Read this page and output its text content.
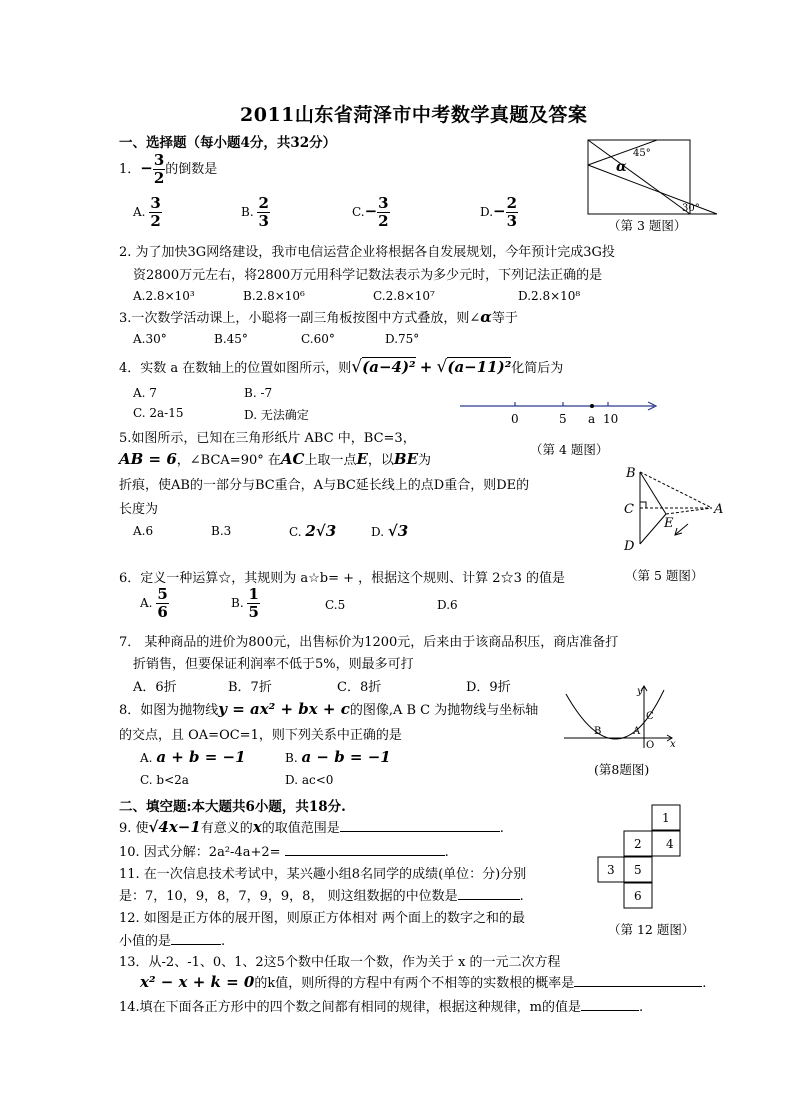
2011山东省菏泽市中考数学真题及答案
一、选择题（每小题4分，共32分）
1．− $\frac{3}{2}$ 的倒数是
A. $\frac{3}{2}$	B. $\frac{2}{3}$	$C.- \frac{3}{2}$	$D.- \frac{2}{3}$
2. 为了加快3G网络建设，我市电信运营企业将根据各自发展规划，今年预计完成3G投
资2800万元左右，将2800万元用科学记数法表示为多少元时，下列记法正确的是
A.2.8×10³	B.2.8×10⁶	C.2.8×10⁷	D.2.8×10⁸
3.一次数学活动课上，小聪将一副三角板按图中方式叠放，则∠α等于
A.30°	B.45°	C.60°	D.75°
4．实数 a 在数轴上的位置如图所示，则√(a−4)² + √(a−11)²化简后为
A. 7	B. -7
C. 2a-15	D. 无法确定
5.如图所示，已知在三角形纸片 ABC 中，BC=3，
AB = 6，∠BCA=90° 在AC上取一点E，以BE为
折痕，使AB的一部分与BC重合，A与BC延长线上的点D重合，则DE的
长度为
A.6	B.3	C. 2√3	D. √3
6．定义一种运算☆，其规则为 a☆b= + ，根据这个规则、计算 2☆3 的值是
A. $\frac{5}{6}$	B. $\frac{1}{5}$	C.5	D.6
7． 某种商品的进价为800元，出售标价为1200元，后来由于该商品积压，商店准备打
折销售，但要保证利润率不低于5%，则最多可打
A．6折	B．7折	C．8折	D．9折
8．如图为抛物线y = ax² + bx + c的图像,A B C 为抛物线与坐标轴
的交点，且 OA=OC=1，则下列关系中正确的是
A. a + b = −1	B. a − b = −1
C. b<2a	D. ac<0
二、填空题:本大题共6小题，共18分.
9. 使√4x−1有意义的x的取值范围是	.
10. 因式分解：2a²-4a+2=	.
11. 在一次信息技术考试中，某兴趣小组8名同学的成绩(单位：分)分别
是：7，10，9，8，7，9，9，8， 则这组数据的中位数是	.
12. 如图是正方体的展开图，则原正方体相对 两个面上的数字之和的最
小值的是	.
13．从-2、-1、0、1、2这5个数中任取一个数，作为关于 x 的一元二次方程
x² − x + k = 0的k值，则所得的方程中有两个不相等的实数根的概率是	.
14.填在下面各正方形中的四个数之间都有相同的规律，根据这种规律，m的值是	.
45°
α
30°
（第 3 题图）
0	5 a 10
（第 4 题图）
B
C	A
D
E
（第 5 题图）
y
x
B	A
C
O
(第8题图)
1
2 4
3 5
6
（第 12 题图）
